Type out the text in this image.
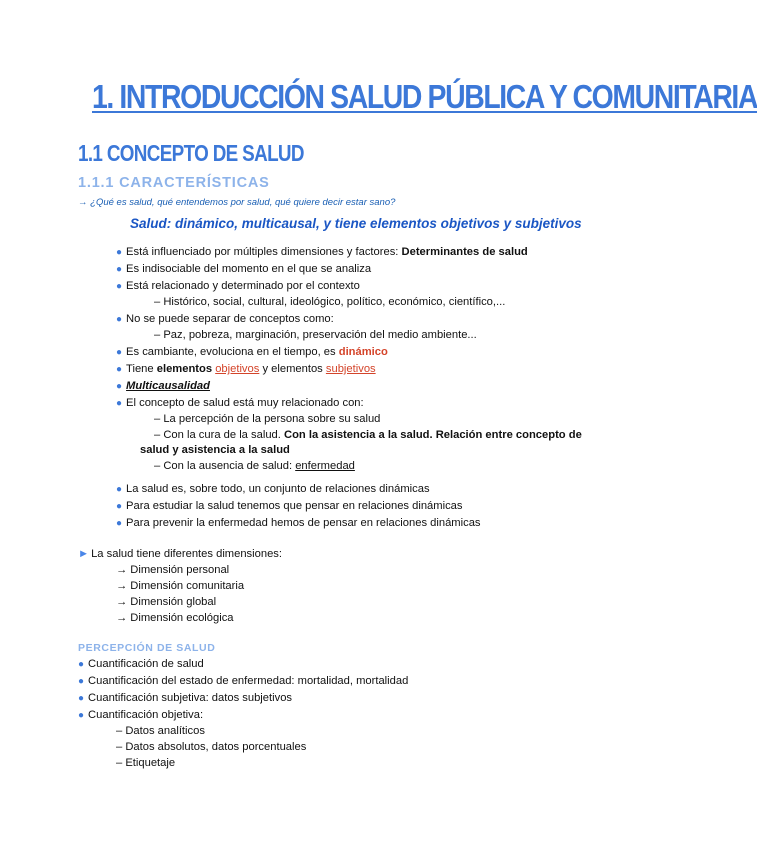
1. INTRODUCCIÓN SALUD PÚBLICA Y COMUNITARIA
1.1 CONCEPTO DE SALUD
1.1.1 CARACTERÍSTICAS
→ ¿Qué es salud, qué entendemos por salud, qué quiere decir estar sano?
Salud: dinámico, multicausal, y tiene elementos objetivos y subjetivos
● Está influenciado por múltiples dimensiones y factores: Determinantes de salud
● Es indisociable del momento en el que se analiza
● Está relacionado y determinado por el contexto
– Histórico, social, cultural, ideológico, político, económico, científico,...
● No se puede separar de conceptos como:
– Paz, pobreza, marginación, preservación del medio ambiente...
● Es cambiante, evoluciona en el tiempo, es dinámico
● Tiene elementos objetivos y elementos subjetivos
● Multicausalidad
● El concepto de salud está muy relacionado con:
– La percepción de la persona sobre su salud
– Con la cura de la salud. Con la asistencia a la salud. Relación entre concepto de
salud y asistencia a la salud
– Con la ausencia de salud: enfermedad
● La salud es, sobre todo, un conjunto de relaciones dinámicas
● Para estudiar la salud tenemos que pensar en relaciones dinámicas
● Para prevenir la enfermedad hemos de pensar en relaciones dinámicas
► La salud tiene diferentes dimensiones:
→ Dimensión personal
→ Dimensión comunitaria
→ Dimensión global
→ Dimensión ecológica
PERCEPCIÓN DE SALUD
● Cuantificación de salud
● Cuantificación del estado de enfermedad: mortalidad, mortalidad
● Cuantificación subjetiva: datos subjetivos
● Cuantificación objetiva:
– Datos analíticos
– Datos absolutos, datos porcentuales
– Etiquetaje
